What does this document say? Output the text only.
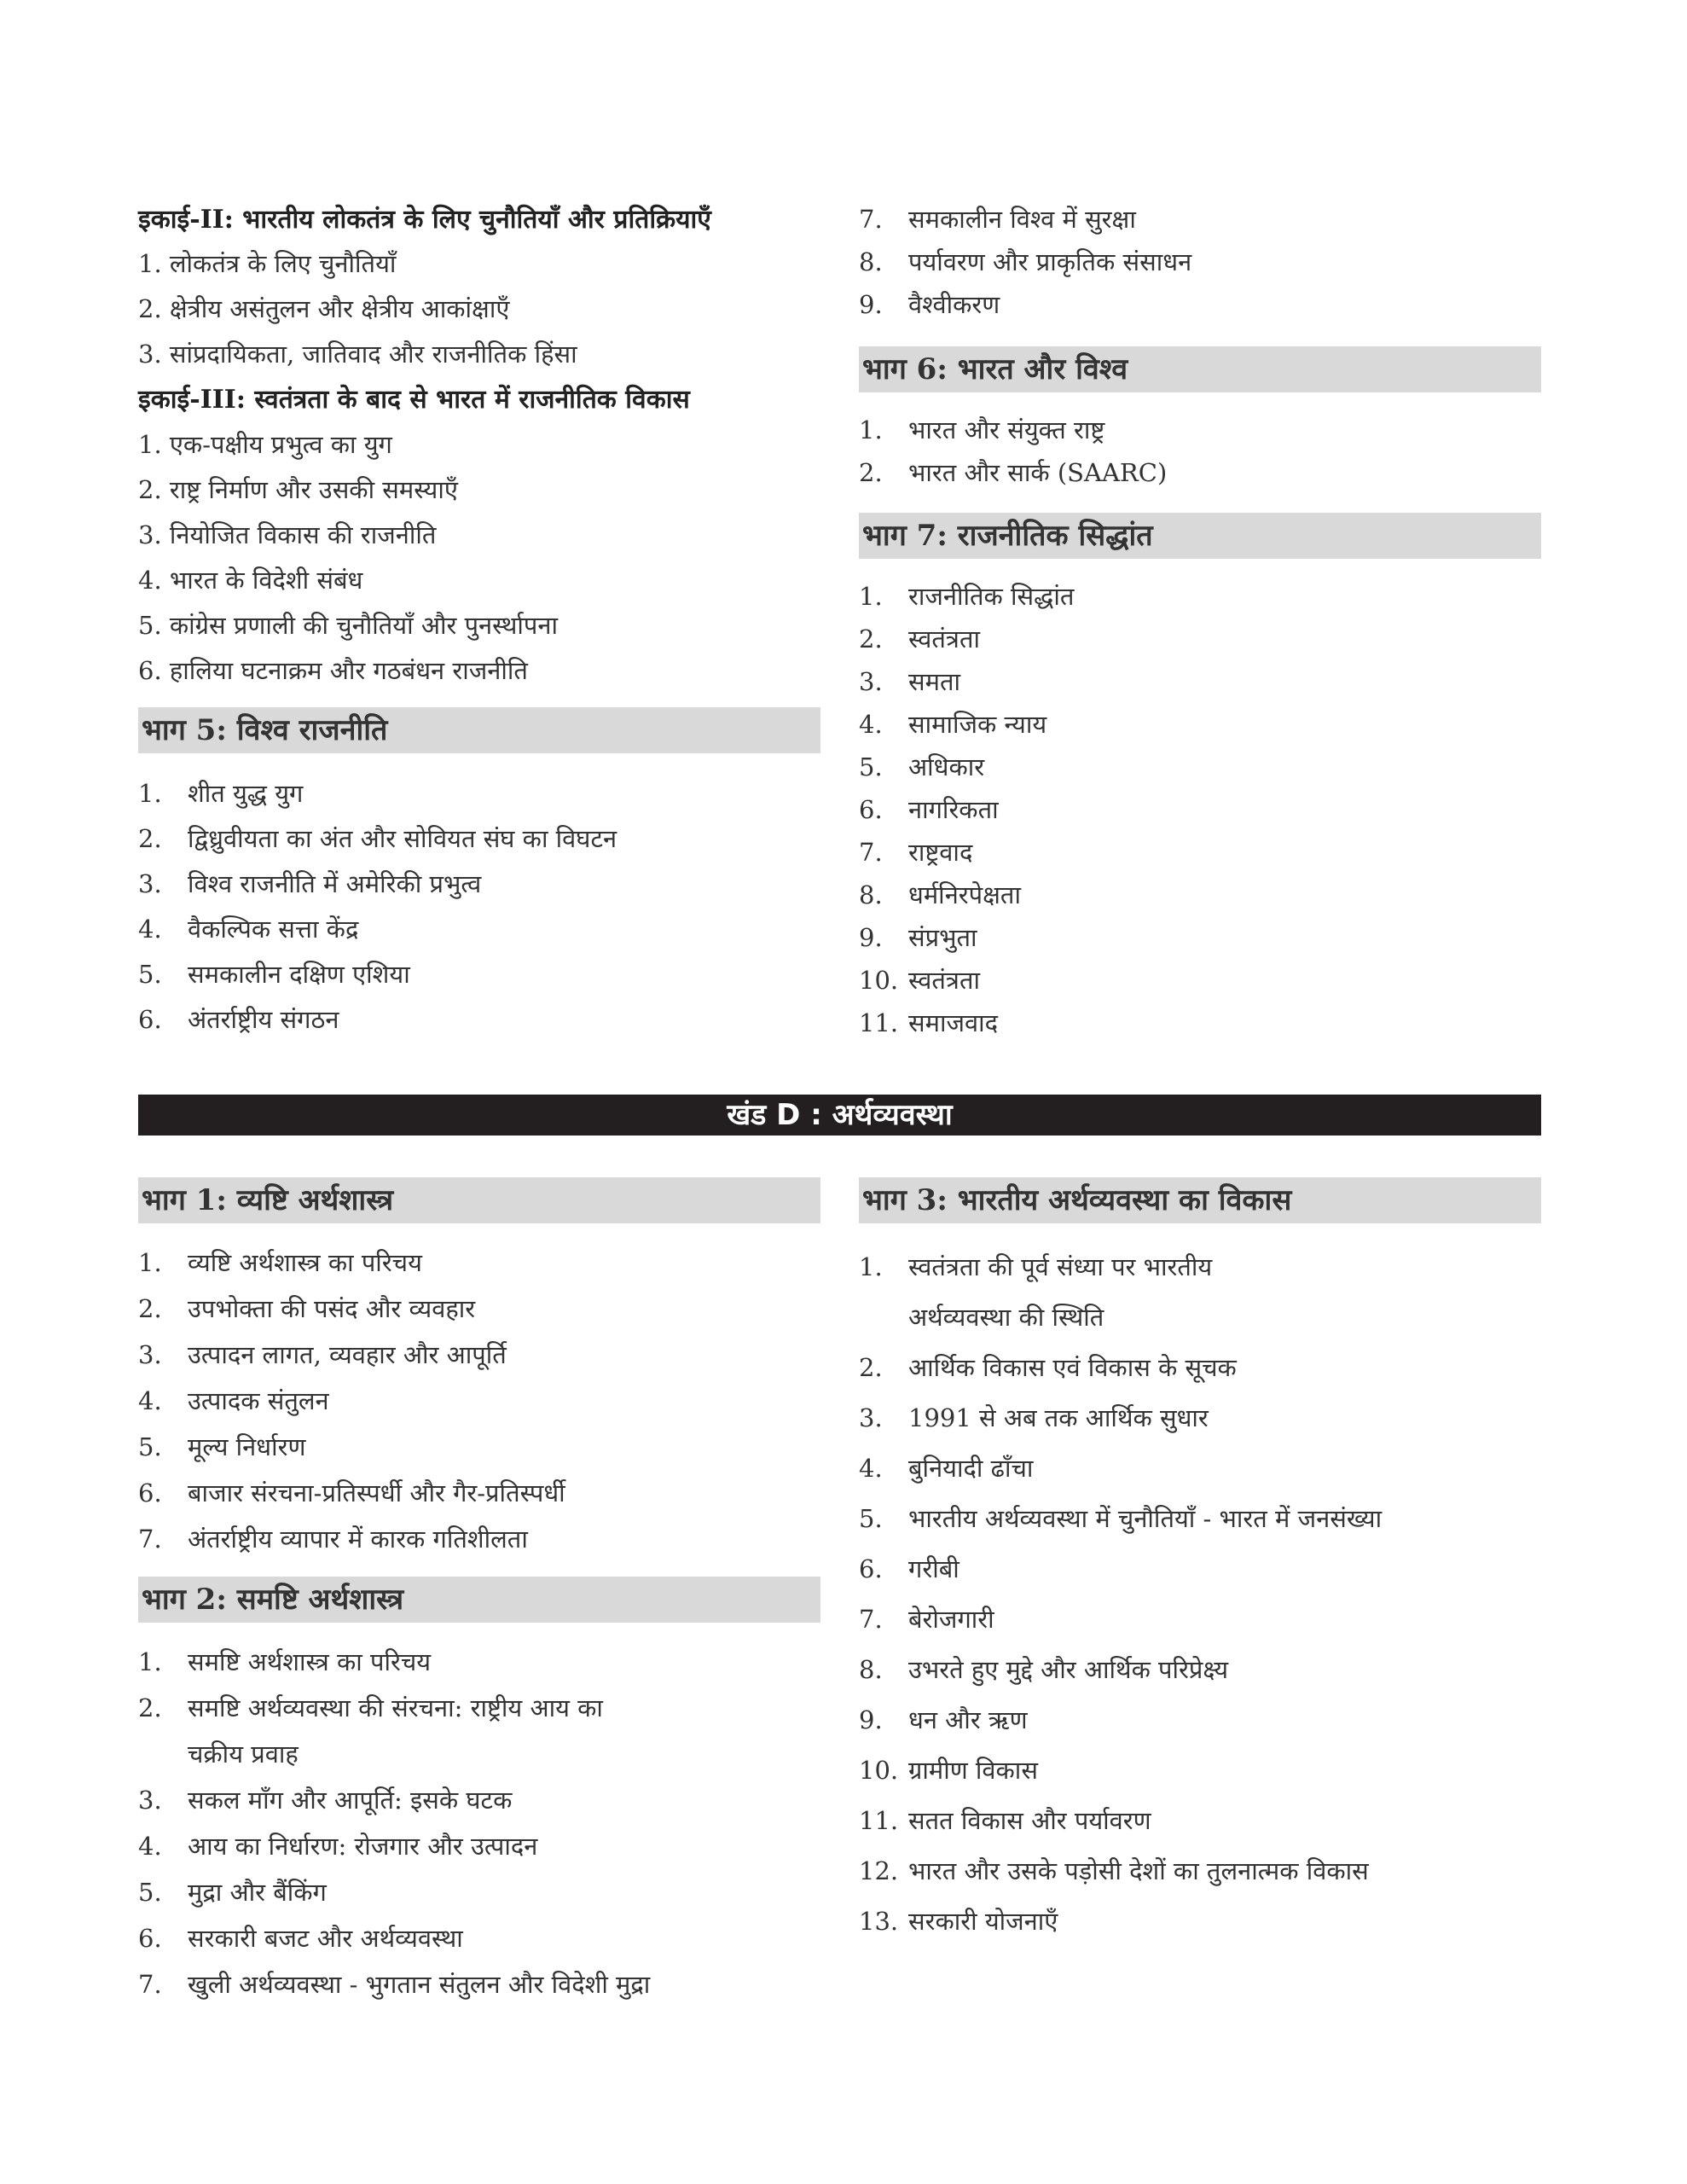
इकाई-II: भारतीय लोकतंत्र के लिए चुनौतियाँ और प्रतिक्रियाएँ
1. लोकतंत्र के लिए चुनौतियाँ
2. क्षेत्रीय असंतुलन और क्षेत्रीय आकांक्षाएँ
3. सांप्रदायिकता, जातिवाद और राजनीतिक हिंसा
इकाई-III: स्वतंत्रता के बाद से भारत में राजनीतिक विकास
1. एक-पक्षीय प्रभुत्व का युग
2. राष्ट्र निर्माण और उसकी समस्याएँ
3. नियोजित विकास की राजनीति
4. भारत के विदेशी संबंध
5. कांग्रेस प्रणाली की चुनौतियाँ और पुनर्स्थापना
6. हालिया घटनाक्रम और गठबंधन राजनीति
भाग 5: विश्व राजनीति
1. शीत युद्ध युग
2. द्विध्रुवीयता का अंत और सोवियत संघ का विघटन
3. विश्व राजनीति में अमेरिकी प्रभुत्व
4. वैकल्पिक सत्ता केंद्र
5. समकालीन दक्षिण एशिया
6. अंतर्राष्ट्रीय संगठन
7. समकालीन विश्व में सुरक्षा
8. पर्यावरण और प्राकृतिक संसाधन
9. वैश्वीकरण
भाग 6: भारत और विश्व
1. भारत और संयुक्त राष्ट्र
2. भारत और सार्क (SAARC)
भाग 7: राजनीतिक सिद्धांत
1. राजनीतिक सिद्धांत
2. स्वतंत्रता
3. समता
4. सामाजिक न्याय
5. अधिकार
6. नागरिकता
7. राष्ट्रवाद
8. धर्मनिरपेक्षता
9. संप्रभुता
10. स्वतंत्रता
11. समाजवाद
खंड D : अर्थव्यवस्था
भाग 1: व्यष्टि अर्थशास्त्र
1. व्यष्टि अर्थशास्त्र का परिचय
2. उपभोक्ता की पसंद और व्यवहार
3. उत्पादन लागत, व्यवहार और आपूर्ति
4. उत्पादक संतुलन
5. मूल्य निर्धारण
6. बाजार संरचना-प्रतिस्पर्धी और गैर-प्रतिस्पर्धी
7. अंतर्राष्ट्रीय व्यापार में कारक गतिशीलता
भाग 2: समष्टि अर्थशास्त्र
1. समष्टि अर्थशास्त्र का परिचय
2. समष्टि अर्थव्यवस्था की संरचना: राष्ट्रीय आय का
चक्रीय प्रवाह
3. सकल माँग और आपूर्ति: इसके घटक
4. आय का निर्धारण: रोजगार और उत्पादन
5. मुद्रा और बैंकिंग
6. सरकारी बजट और अर्थव्यवस्था
7. खुली अर्थव्यवस्था - भुगतान संतुलन और विदेशी मुद्रा
भाग 3: भारतीय अर्थव्यवस्था का विकास
1. स्वतंत्रता की पूर्व संध्या पर भारतीय
अर्थव्यवस्था की स्थिति
2. आर्थिक विकास एवं विकास के सूचक
3. 1991 से अब तक आर्थिक सुधार
4. बुनियादी ढाँचा
5. भारतीय अर्थव्यवस्था में चुनौतियाँ - भारत में जनसंख्या
6. गरीबी
7. बेरोजगारी
8. उभरते हुए मुद्दे और आर्थिक परिप्रेक्ष्य
9. धन और ऋण
10. ग्रामीण विकास
11. सतत विकास और पर्यावरण
12. भारत और उसके पड़ोसी देशों का तुलनात्मक विकास
13. सरकारी योजनाएँ
